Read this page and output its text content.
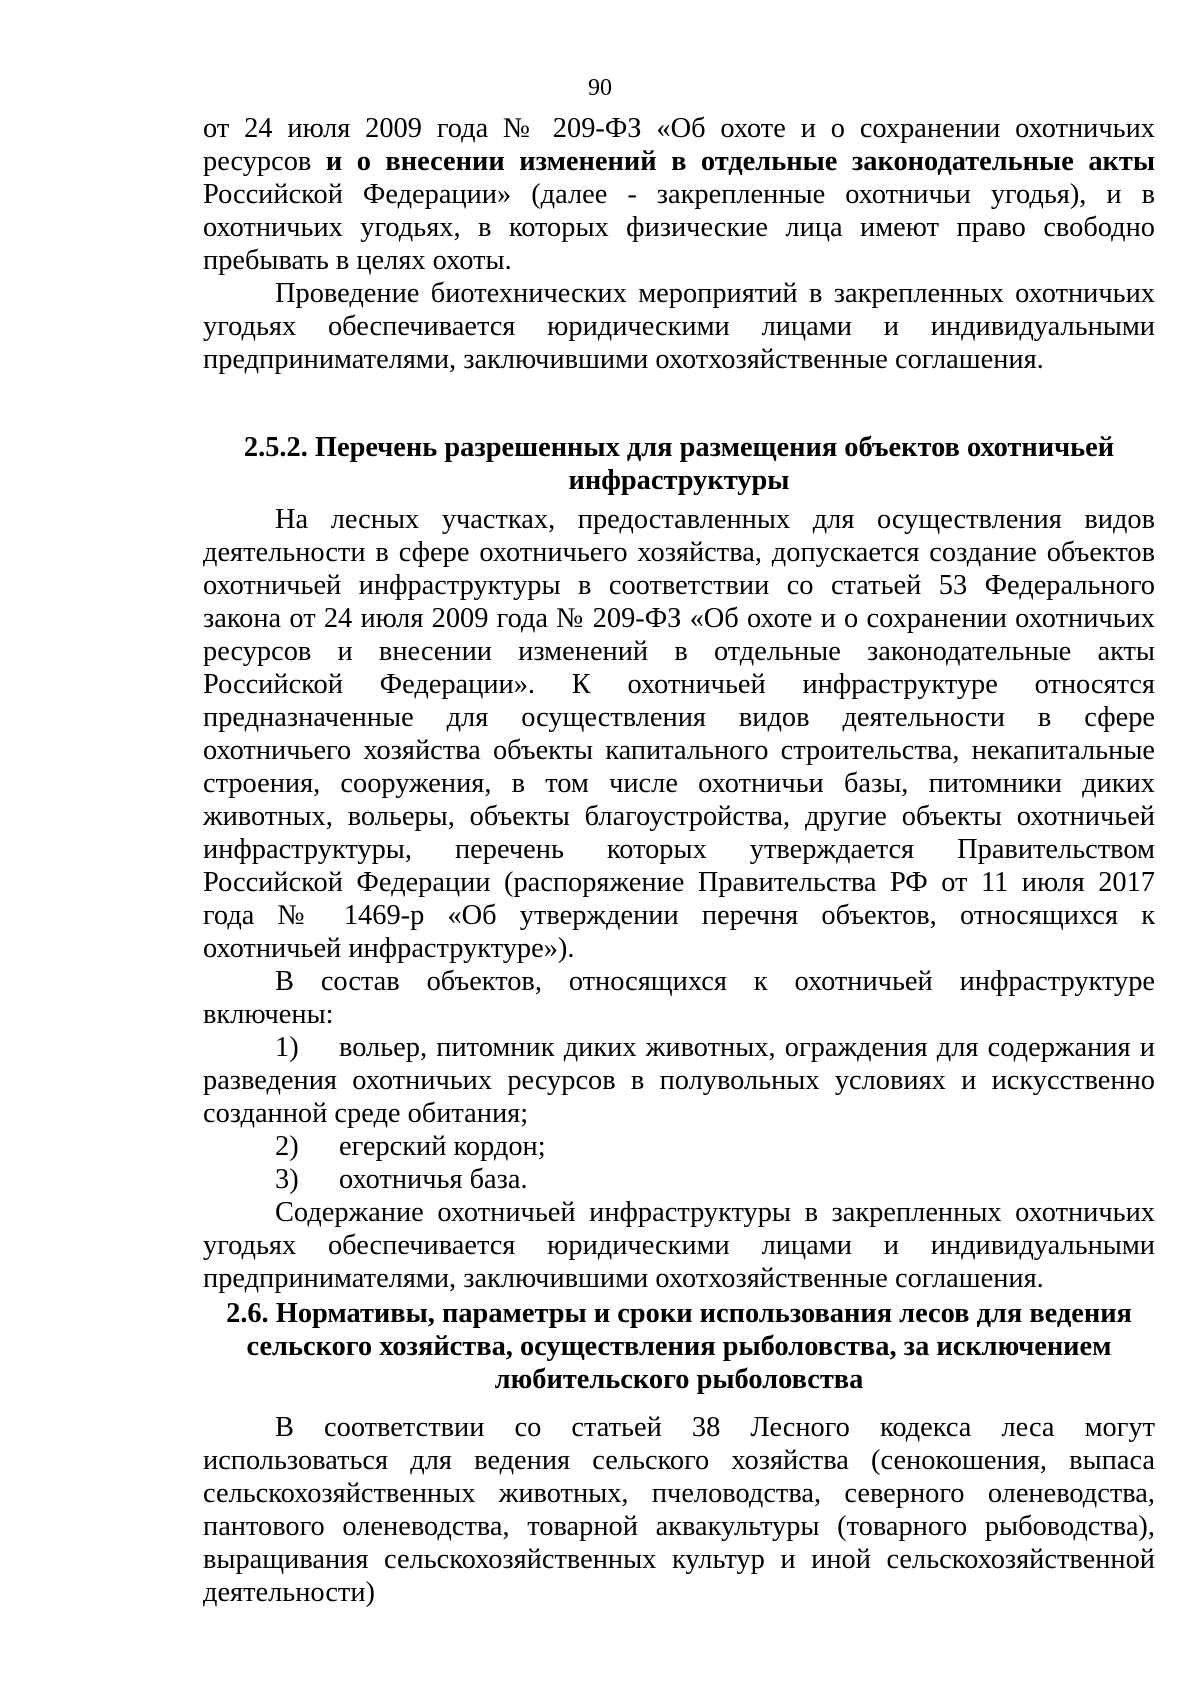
90

от 24 июля 2009 года № 209-ФЗ «Об охоте и о сохранении охотничьих ресурсов и о внесении изменений в отдельные законодательные акты Российской Федерации» (далее - закрепленные охотничьи угодья), и в охотничьих угодьях, в которых физические лица имеют право свободно пребывать в целях охоты.

Проведение биотехнических мероприятий в закрепленных охотничьих угодьях обеспечивается юридическими лицами и индивидуальными предпринимателями, заключившими охотхозяйственные соглашения.

2.5.2. Перечень разрешенных для размещения объектов охотничьей инфраструктуры

На лесных участках, предоставленных для осуществления видов деятельности в сфере охотничьего хозяйства, допускается создание объектов охотничьей инфраструктуры в соответствии со статьей 53 Федерального закона от 24 июля 2009 года № 209-ФЗ «Об охоте и о сохранении охотничьих ресурсов и внесении изменений в отдельные законодательные акты Российской Федерации». К охотничьей инфраструктуре относятся предназначенные для осуществления видов деятельности в сфере охотничьего хозяйства объекты капитального строительства, некапитальные строения, сооружения, в том числе охотничьи базы, питомники диких животных, вольеры, объекты благоустройства, другие объекты охотничьей инфраструктуры, перечень которых утверждается Правительством Российской Федерации (распоряжение Правительства РФ от 11 июля 2017 года № 1469-р «Об утверждении перечня объектов, относящихся к охотничьей инфраструктуре»).

В состав объектов, относящихся к охотничьей инфраструктуре включены:

1) вольер, питомник диких животных, ограждения для содержания и разведения охотничьих ресурсов в полувольных условиях и искусственно созданной среде обитания;

2) егерский кордон;

3) охотничья база.

Содержание охотничьей инфраструктуры в закрепленных охотничьих угодьях обеспечивается юридическими лицами и индивидуальными предпринимателями, заключившими охотхозяйственные соглашения.

2.6. Нормативы, параметры и сроки использования лесов для ведения сельского хозяйства, осуществления рыболовства, за исключением любительского рыболовства

В соответствии со статьей 38 Лесного кодекса леса могут использоваться для ведения сельского хозяйства (сенокошения, выпаса сельскохозяйственных животных, пчеловодства, северного оленеводства, пантового оленеводства, товарной аквакультуры (товарного рыбоводства), выращивания сельскохозяйственных культур и иной сельскохозяйственной деятельности)
